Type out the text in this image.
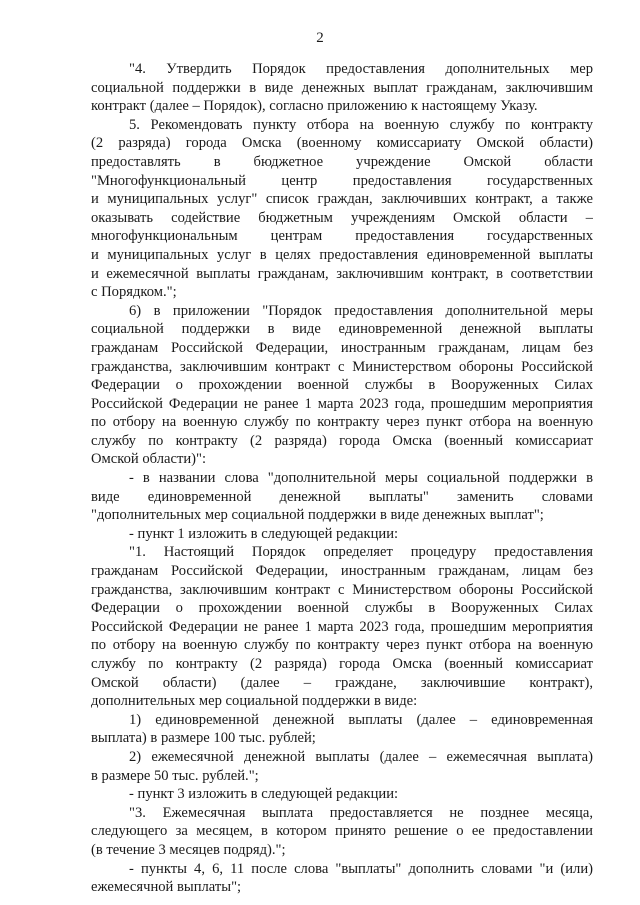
2
"4. Утвердить Порядок предоставления дополнительных мер
социальной поддержки в виде денежных выплат гражданам, заключившим
контракт (далее – Порядок), согласно приложению к настоящему Указу.
5. Рекомендовать пункту отбора на военную службу по контракту
(2 разряда) города Омска (военному комиссариату Омской области)
предоставлять в бюджетное учреждение Омской области
"Многофункциональный центр предоставления государственных
и муниципальных услуг" список граждан, заключивших контракт, а также
оказывать содействие бюджетным учреждениям Омской области –
многофункциональным центрам предоставления государственных
и муниципальных услуг в целях предоставления единовременной выплаты
и ежемесячной выплаты гражданам, заключившим контракт, в соответствии
с Порядком.";
6) в приложении "Порядок предоставления дополнительной меры
социальной поддержки в виде единовременной денежной выплаты
гражданам Российской Федерации, иностранным гражданам, лицам без
гражданства, заключившим контракт с Министерством обороны Российской
Федерации о прохождении военной службы в Вооруженных Силах
Российской Федерации не ранее 1 марта 2023 года, прошедшим мероприятия
по отбору на военную службу по контракту через пункт отбора на военную
службу по контракту (2 разряда) города Омска (военный комиссариат
Омской области)":
- в названии слова "дополнительной меры социальной поддержки в
виде единовременной денежной выплаты" заменить словами
"дополнительных мер социальной поддержки в виде денежных выплат";
- пункт 1 изложить в следующей редакции:
"1. Настоящий Порядок определяет процедуру предоставления
гражданам Российской Федерации, иностранным гражданам, лицам без
гражданства, заключившим контракт с Министерством обороны Российской
Федерации о прохождении военной службы в Вооруженных Силах
Российской Федерации не ранее 1 марта 2023 года, прошедшим мероприятия
по отбору на военную службу по контракту через пункт отбора на военную
службу по контракту (2 разряда) города Омска (военный комиссариат
Омской области) (далее – граждане, заключившие контракт),
дополнительных мер социальной поддержки в виде:
1) единовременной денежной выплаты (далее – единовременная
выплата) в размере 100 тыс. рублей;
2) ежемесячной денежной выплаты (далее – ежемесячная выплата)
в размере 50 тыс. рублей.";
- пункт 3 изложить в следующей редакции:
"3. Ежемесячная выплата предоставляется не позднее месяца,
следующего за месяцем, в котором принято решение о ее предоставлении
(в течение 3 месяцев подряд).";
- пункты 4, 6, 11 после слова "выплаты" дополнить словами "и (или)
ежемесячной выплаты";
